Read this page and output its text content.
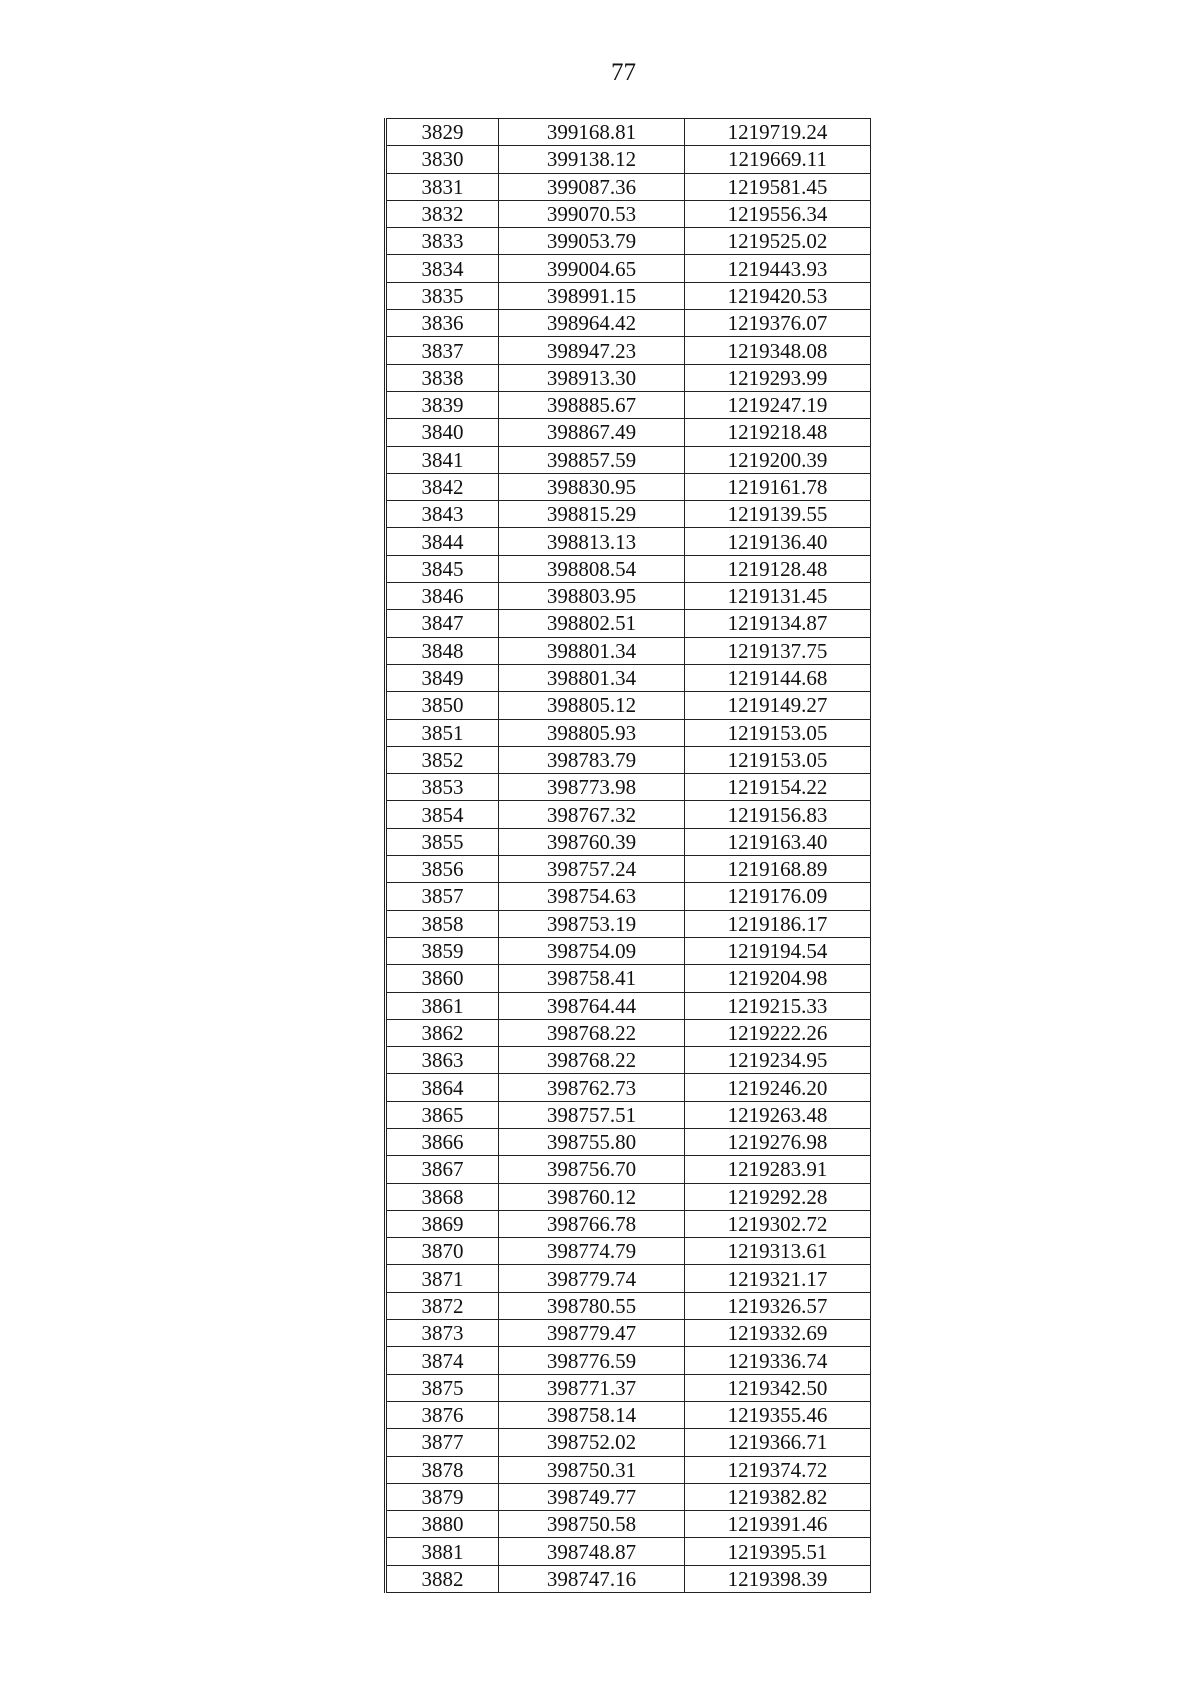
77
3829	399168.81	1219719.24
3830	399138.12	1219669.11
3831	399087.36	1219581.45
3832	399070.53	1219556.34
3833	399053.79	1219525.02
3834	399004.65	1219443.93
3835	398991.15	1219420.53
3836	398964.42	1219376.07
3837	398947.23	1219348.08
3838	398913.30	1219293.99
3839	398885.67	1219247.19
3840	398867.49	1219218.48
3841	398857.59	1219200.39
3842	398830.95	1219161.78
3843	398815.29	1219139.55
3844	398813.13	1219136.40
3845	398808.54	1219128.48
3846	398803.95	1219131.45
3847	398802.51	1219134.87
3848	398801.34	1219137.75
3849	398801.34	1219144.68
3850	398805.12	1219149.27
3851	398805.93	1219153.05
3852	398783.79	1219153.05
3853	398773.98	1219154.22
3854	398767.32	1219156.83
3855	398760.39	1219163.40
3856	398757.24	1219168.89
3857	398754.63	1219176.09
3858	398753.19	1219186.17
3859	398754.09	1219194.54
3860	398758.41	1219204.98
3861	398764.44	1219215.33
3862	398768.22	1219222.26
3863	398768.22	1219234.95
3864	398762.73	1219246.20
3865	398757.51	1219263.48
3866	398755.80	1219276.98
3867	398756.70	1219283.91
3868	398760.12	1219292.28
3869	398766.78	1219302.72
3870	398774.79	1219313.61
3871	398779.74	1219321.17
3872	398780.55	1219326.57
3873	398779.47	1219332.69
3874	398776.59	1219336.74
3875	398771.37	1219342.50
3876	398758.14	1219355.46
3877	398752.02	1219366.71
3878	398750.31	1219374.72
3879	398749.77	1219382.82
3880	398750.58	1219391.46
3881	398748.87	1219395.51
3882	398747.16	1219398.39
